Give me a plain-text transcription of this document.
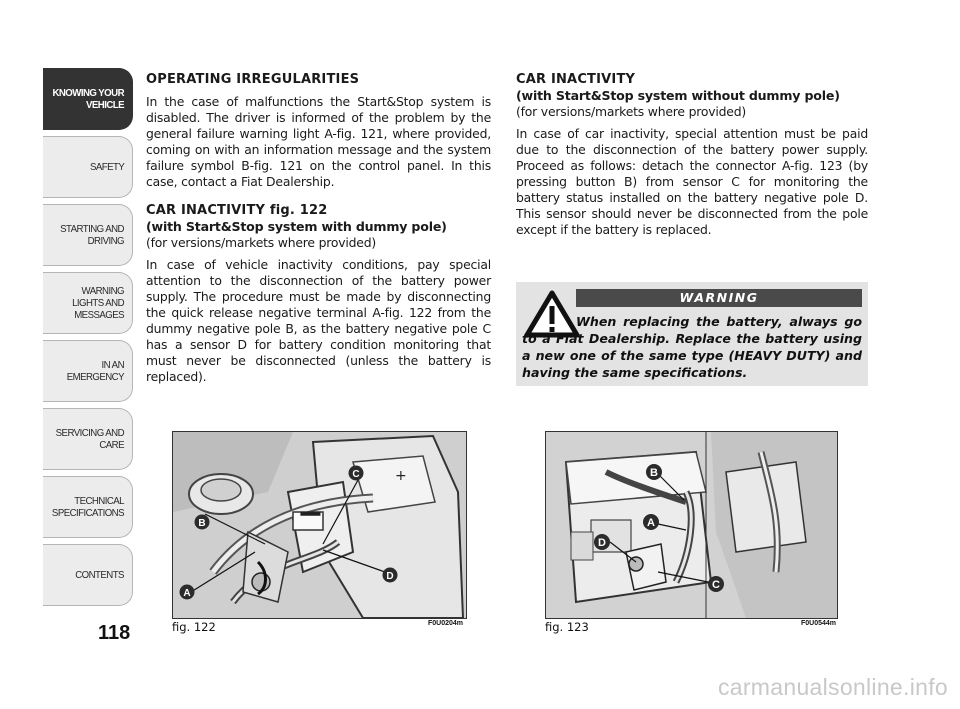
KNOWING YOUR VEHICLE
SAFETY
STARTING AND DRIVING
WARNING LIGHTS AND MESSAGES
IN AN EMERGENCY
SERVICING AND CARE
TECHNICAL SPECIFICATIONS
CONTENTS
118
OPERATING IRREGULARITIES

In the case of malfunctions the Start&Stop system is disabled. The driver is informed of the problem by the general failure warning light A-fig. 121, where provided, coming on with an information message and the system failure symbol B-fig. 121 on the control panel. In this case, contact a Fiat Dealership.

CAR INACTIVITY fig. 122
(with Start&Stop system with dummy pole)
(for versions/markets where provided)

In case of vehicle inactivity conditions, pay special attention to the disconnection of the battery power supply. The procedure must be made by disconnecting the quick release negative terminal A-fig. 122 from the dummy negative pole B, as the battery negative pole C has a sensor D for battery condition monitoring that must never be disconnected (unless the battery is replaced).

CAR INACTIVITY
(with Start&Stop system without dummy pole)
(for versions/markets where provided)

In case of car inactivity, special attention must be paid due to the disconnection of the battery power supply. Proceed as follows: detach the connector A-fig. 123 (by pressing button B) from sensor C for monitoring the battery status installed on the battery negative pole D. This sensor should never be disconnected from the pole except if the battery is replaced.

WARNING
When replacing the battery, always go to a Fiat Dealership. Replace the battery using a new one of the same type (HEAVY DUTY) and having the same specifications.
−
+
C
B
D
A
fig. 122	F0U0204m
B
A
D
C
fig. 123	F0U0544m
carmanualsonline.info
